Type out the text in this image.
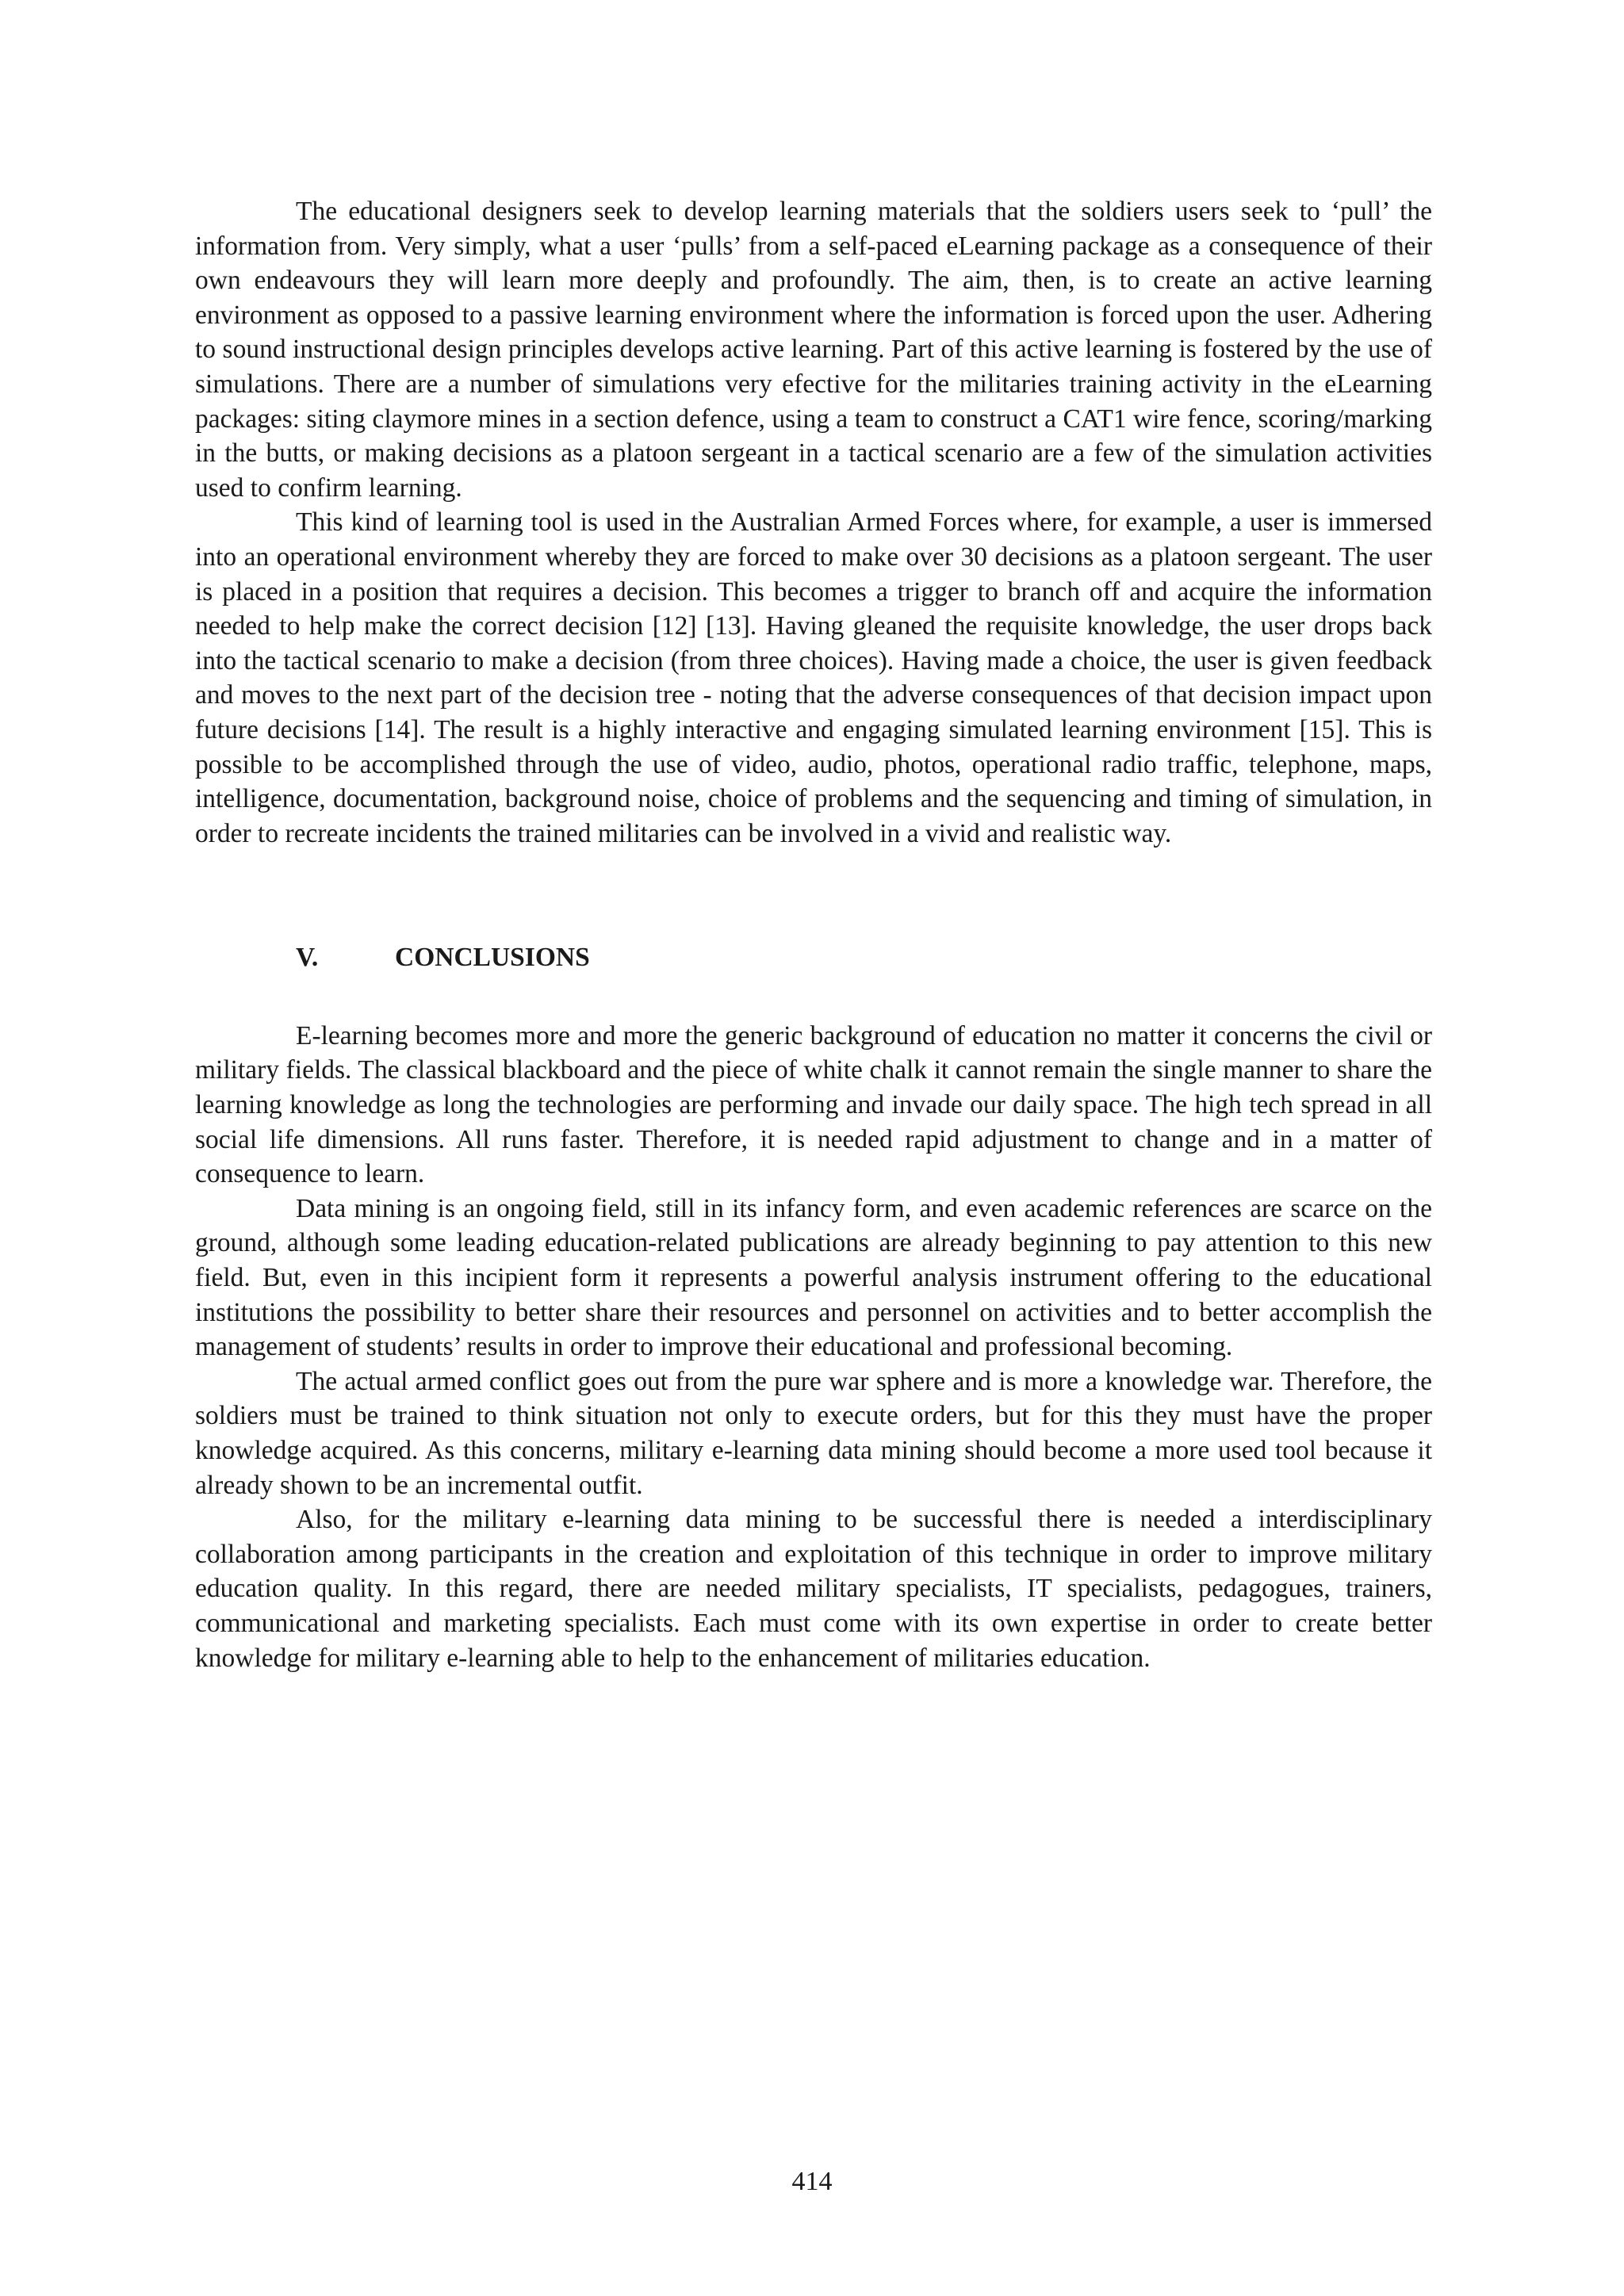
The educational designers seek to develop learning materials that the soldiers users seek to ‘pull’ the information from. Very simply, what a user ‘pulls’ from a self-paced eLearning package as a consequence of their own endeavours they will learn more deeply and profoundly. The aim, then, is to create an active learning environment as opposed to a passive learning environment where the information is forced upon the user. Adhering to sound instructional design principles develops active learning. Part of this active learning is fostered by the use of simulations. There are a number of simulations very efective for the militaries training activity in the eLearning packages: siting claymore mines in a section defence, using a team to construct a CAT1 wire fence, scoring/marking in the butts, or making decisions as a platoon sergeant in a tactical scenario are a few of the simulation activities used to confirm learning.

This kind of learning tool is used in the Australian Armed Forces where, for example, a user is immersed into an operational environment whereby they are forced to make over 30 decisions as a platoon sergeant. The user is placed in a position that requires a decision. This becomes a trigger to branch off and acquire the information needed to help make the correct decision [12] [13]. Having gleaned the requisite knowledge, the user drops back into the tactical scenario to make a decision (from three choices). Having made a choice, the user is given feedback and moves to the next part of the decision tree - noting that the adverse consequences of that decision impact upon future decisions [14]. The result is a highly interactive and engaging simulated learning environment [15]. This is possible to be accomplished through the use of video, audio, photos, operational radio traffic, telephone, maps, intelligence, documentation, background noise, choice of problems and the sequencing and timing of simulation, in order to recreate incidents the trained militaries can be involved in a vivid and realistic way.

V.	CONCLUSIONS

E-learning becomes more and more the generic background of education no matter it concerns the civil or military fields. The classical blackboard and the piece of white chalk it cannot remain the single manner to share the learning knowledge as long the technologies are performing and invade our daily space. The high tech spread in all social life dimensions. All runs faster. Therefore, it is needed rapid adjustment to change and in a matter of consequence to learn.

Data mining is an ongoing field, still in its infancy form, and even academic references are scarce on the ground, although some leading education-related publications are already beginning to pay attention to this new field. But, even in this incipient form it represents a powerful analysis instrument offering to the educational institutions the possibility to better share their resources and personnel on activities and to better accomplish the management of students’ results in order to improve their educational and professional becoming.

The actual armed conflict goes out from the pure war sphere and is more a knowledge war. Therefore, the soldiers must be trained to think situation not only to execute orders, but for this they must have the proper knowledge acquired. As this concerns, military e-learning data mining should become a more used tool because it already shown to be an incremental outfit.

Also, for the military e-learning data mining to be successful there is needed a interdisciplinary collaboration among participants in the creation and exploitation of this technique in order to improve military education quality. In this regard, there are needed military specialists, IT specialists, pedagogues, trainers, communicational and marketing specialists. Each must come with its own expertise in order to create better knowledge for military e-learning able to help to the enhancement of militaries education.

414
